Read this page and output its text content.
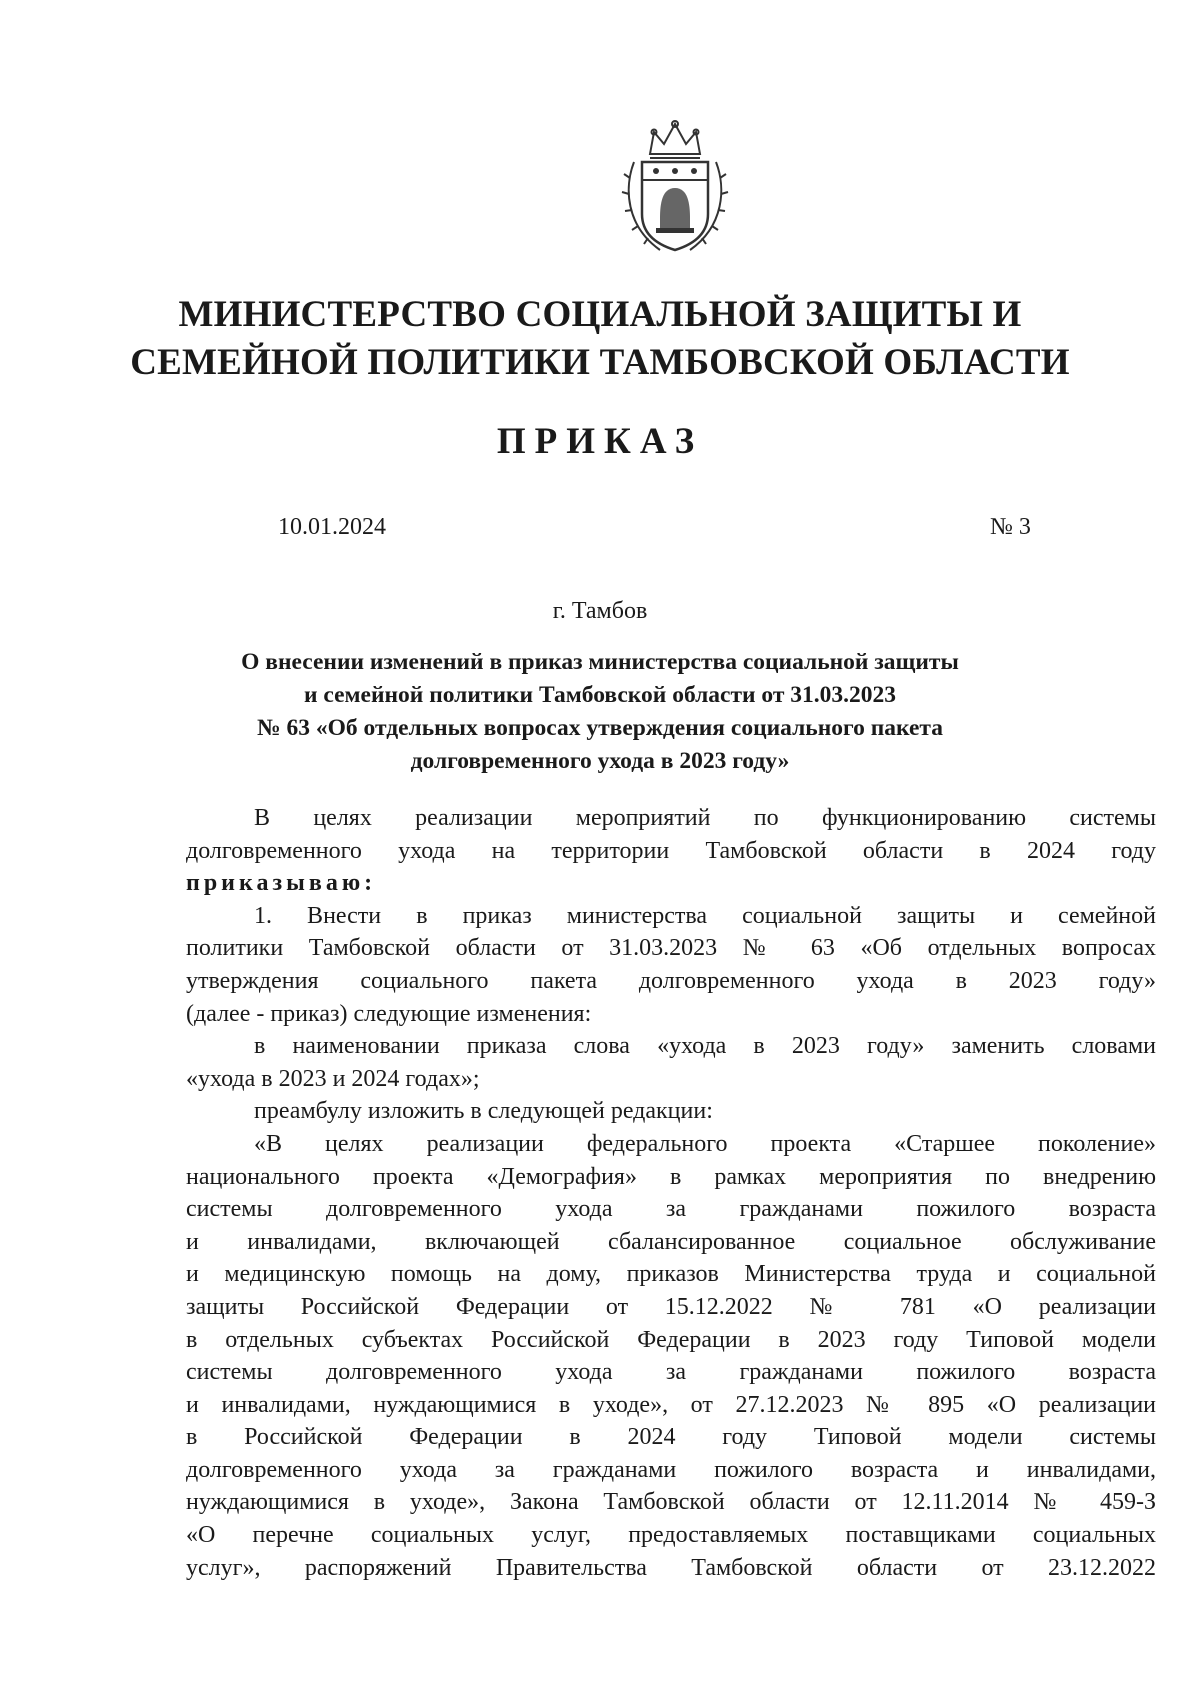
МИНИСТЕРСТВО СОЦИАЛЬНОЙ ЗАЩИТЫ И
СЕМЕЙНОЙ ПОЛИТИКИ ТАМБОВСКОЙ ОБЛАСТИ
ПРИКАЗ
10.01.2024	№ 3
г. Тамбов
О внесении изменений в приказ министерства социальной защиты
и семейной политики Тамбовской области от 31.03.2023
№ 63 «Об отдельных вопросах утверждения социального пакета
долговременного ухода в 2023 году»
В целях реализации мероприятий по функционированию системы
долговременного ухода на территории Тамбовской области в 2024 году
приказываю:
1. Внести в приказ министерства социальной защиты и семейной
политики Тамбовской области от 31.03.2023 № 63 «Об отдельных вопросах
утверждения социального пакета долговременного ухода в 2023 году»
(далее - приказ) следующие изменения:
в наименовании приказа слова «ухода в 2023 году» заменить словами
«ухода в 2023 и 2024 годах»;
преамбулу изложить в следующей редакции:
«В целях реализации федерального проекта «Старшее поколение»
национального проекта «Демография» в рамках мероприятия по внедрению
системы долговременного ухода за гражданами пожилого возраста
и инвалидами, включающей сбалансированное социальное обслуживание
и медицинскую помощь на дому, приказов Министерства труда и социальной
защиты Российской Федерации от 15.12.2022 № 781 «О реализации
в отдельных субъектах Российской Федерации в 2023 году Типовой модели
системы долговременного ухода за гражданами пожилого возраста
и инвалидами, нуждающимися в уходе», от 27.12.2023 № 895 «О реализации
в Российской Федерации в 2024 году Типовой модели системы
долговременного ухода за гражданами пожилого возраста и инвалидами,
нуждающимися в уходе», Закона Тамбовской области от 12.11.2014 № 459-З
«О перечне социальных услуг, предоставляемых поставщиками социальных
услуг», распоряжений Правительства Тамбовской области от 23.12.2022
